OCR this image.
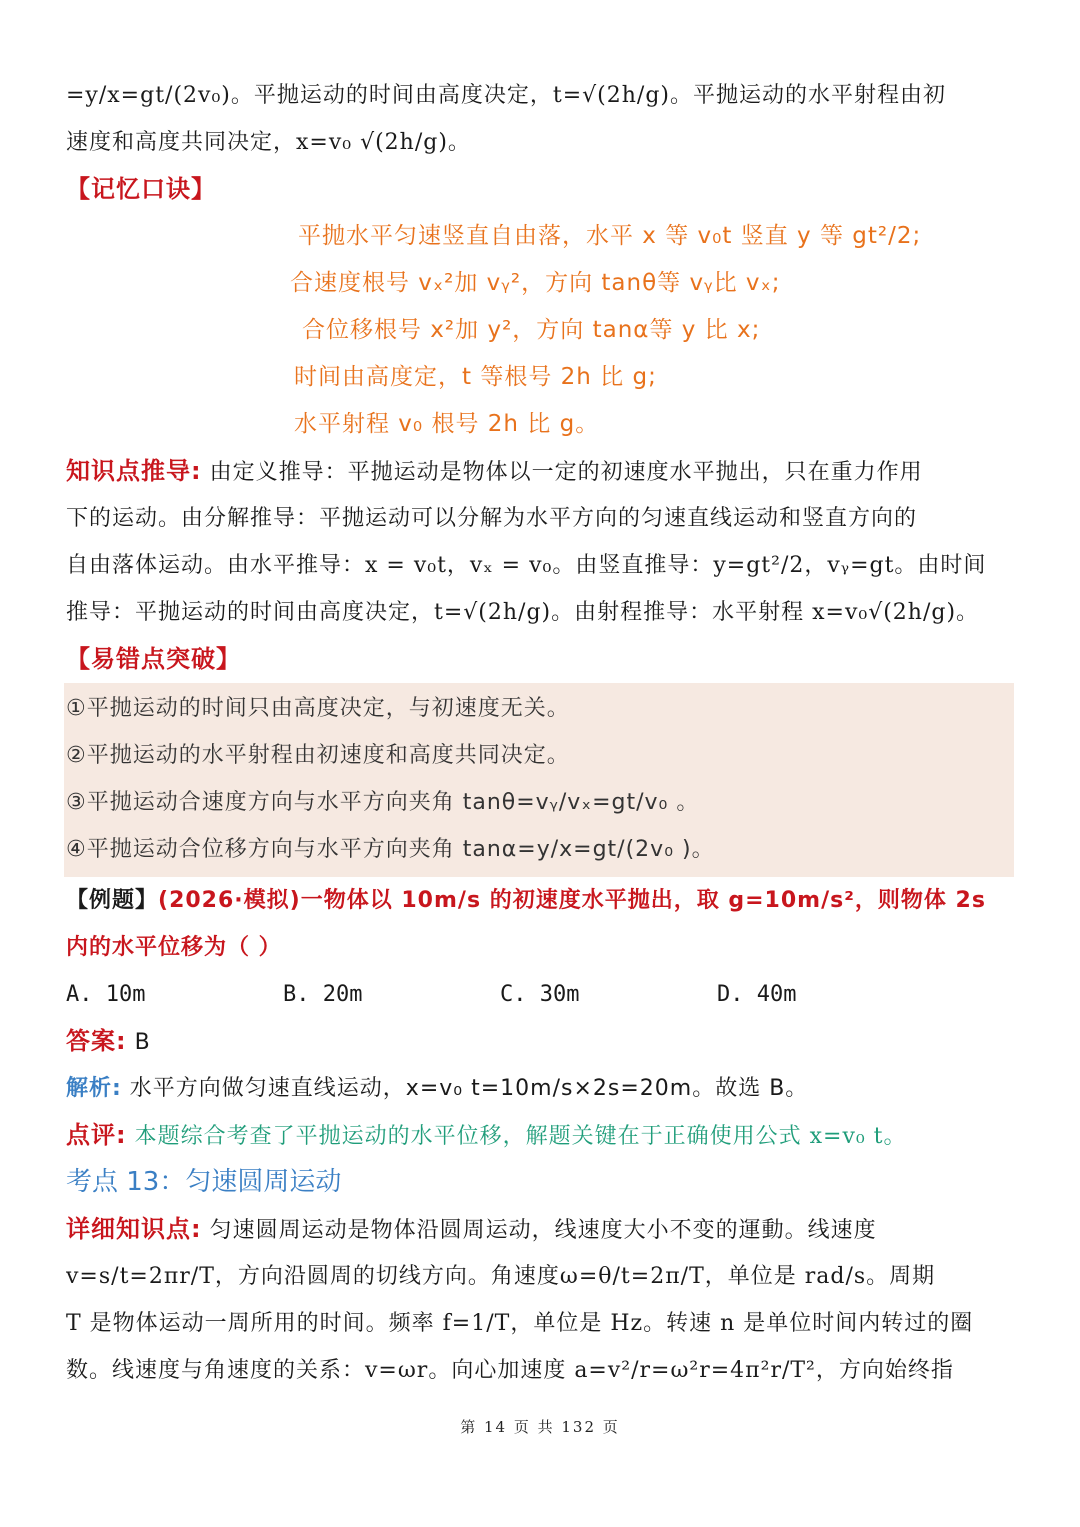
=y/x=gt/(2v₀)。平抛运动的时间由高度决定，t=√(2h/g)。平抛运动的水平射程由初
速度和高度共同决定，x=v₀ √(2h/g)。
【记忆口诀】
平抛水平匀速竖直自由落，水平 x 等 v₀t 竖直 y 等 gt²/2;
合速度根号 vₓ²加 vᵧ²，方向 tanθ等 vᵧ比 vₓ;
合位移根号 x²加 y²，方向 tanα等 y 比 x;
时间由高度定，t 等根号 2h 比 g;
水平射程 v₀ 根号 2h 比 g。
知识点推导: 由定义推导：平抛运动是物体以一定的初速度水平抛出，只在重力作用
下的运动。由分解推导：平抛运动可以分解为水平方向的匀速直线运动和竖直方向的
自由落体运动。由水平推导：x = v₀t，vₓ = v₀。由竖直推导：y=gt²/2，vᵧ=gt。由时间
推导：平抛运动的时间由高度决定，t=√(2h/g)。由射程推导：水平射程 x=v₀√(2h/g)。
【易错点突破】
①平抛运动的时间只由高度决定，与初速度无关。
②平抛运动的水平射程由初速度和高度共同决定。
③平抛运动合速度方向与水平方向夹角 tanθ=vᵧ/vₓ=gt/v₀ 。
④平抛运动合位移方向与水平方向夹角 tanα=y/x=gt/(2v₀ )。
【例题】(2026·模拟)一物体以 10m/s 的初速度水平抛出，取 g=10m/s²，则物体 2s
内的水平位移为（ ）
A. 10m	B. 20m	C. 30m	D. 40m
答案: B
解析: 水平方向做匀速直线运动，x=v₀ t=10m/s×2s=20m。故选 B。
点评: 本题综合考查了平抛运动的水平位移，解题关键在于正确使用公式 x=v₀ t。
考点 13：匀速圆周运动
详细知识点: 匀速圆周运动是物体沿圆周运动，线速度大小不变的運動。线速度
v=s/t=2πr/T，方向沿圆周的切线方向。角速度ω=θ/t=2π/T，单位是 rad/s。周期
T 是物体运动一周所用的时间。频率 f=1/T，单位是 Hz。转速 n 是单位时间内转过的圈
数。线速度与角速度的关系：v=ωr。向心加速度 a=v²/r=ω²r=4π²r/T²，方向始终指
第 14 页 共 132 页
